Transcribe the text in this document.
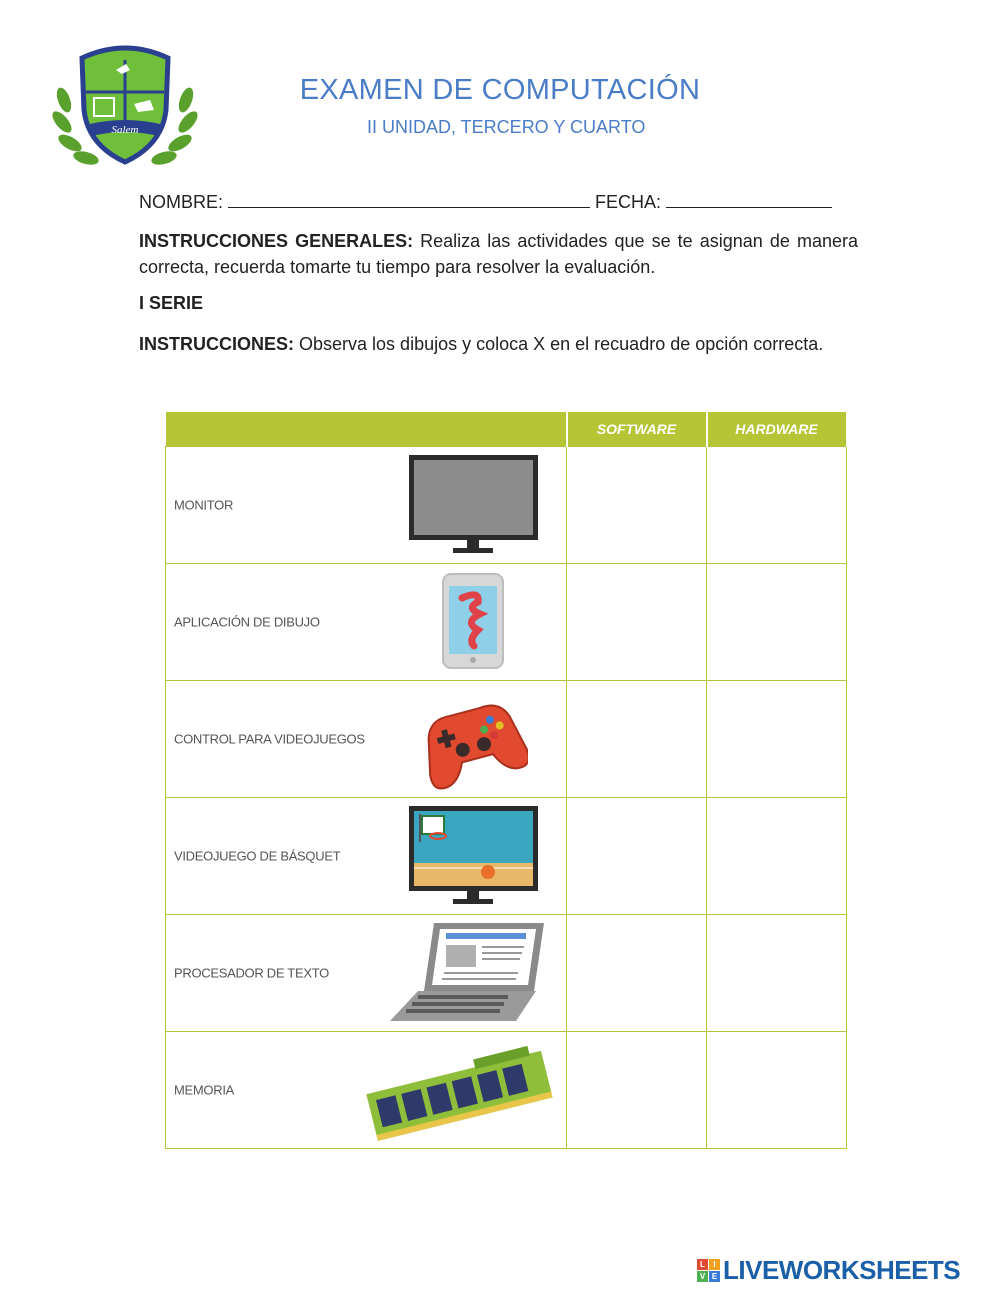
Salem
EXAMEN DE COMPUTACIÓN
II UNIDAD, TERCERO Y CUARTO
NOMBRE:	FECHA:
INSTRUCCIONES GENERALES: Realiza las actividades que se te asignan de manera correcta, recuerda tomarte tu tiempo para resolver la evaluación.
I SERIE
INSTRUCCIONES: Observa los dibujos y coloca X en el recuadro de opción correcta.
	SOFTWARE	HARDWARE

MONITOR		

APLICACIÓN DE DIBUJO		

CONTROL PARA VIDEOJUEGOS		

VIDEOJUEGO DE BÁSQUET		

PROCESADOR DE TEXTO		

MEMORIA		

L	I
V E LIVEWORKSHEETS
